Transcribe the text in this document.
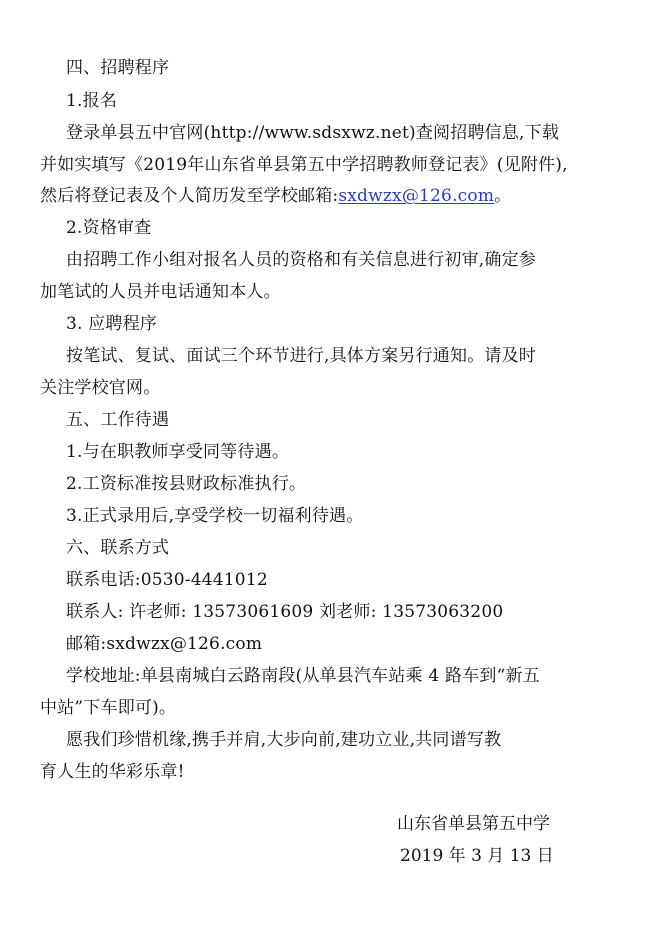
四、招聘程序
1.报名
登录单县五中官网(http://www.sdsxwz.net)查阅招聘信息,下载
并如实填写《2019年山东省单县第五中学招聘教师登记表》(见附件),
然后将登记表及个人简历发至学校邮箱:sxdwzx@126.com。
2.资格审查
由招聘工作小组对报名人员的资格和有关信息进行初审,确定参
加笔试的人员并电话通知本人。
3. 应聘程序
按笔试、复试、面试三个环节进行,具体方案另行通知。请及时
关注学校官网。
五、工作待遇
1.与在职教师享受同等待遇。
2.工资标准按县财政标准执行。
3.正式录用后,享受学校一切福利待遇。
六、联系方式
联系电话:0530-4441012
联系人: 许老师: 13573061609 刘老师: 13573063200
邮箱:sxdwzx@126.com
学校地址:单县南城白云路南段(从单县汽车站乘 4 路车到“新五
中站”下车即可)。
愿我们珍惜机缘,携手并肩,大步向前,建功立业,共同谱写教
育人生的华彩乐章!
山东省单县第五中学
2019 年 3 月 13 日
